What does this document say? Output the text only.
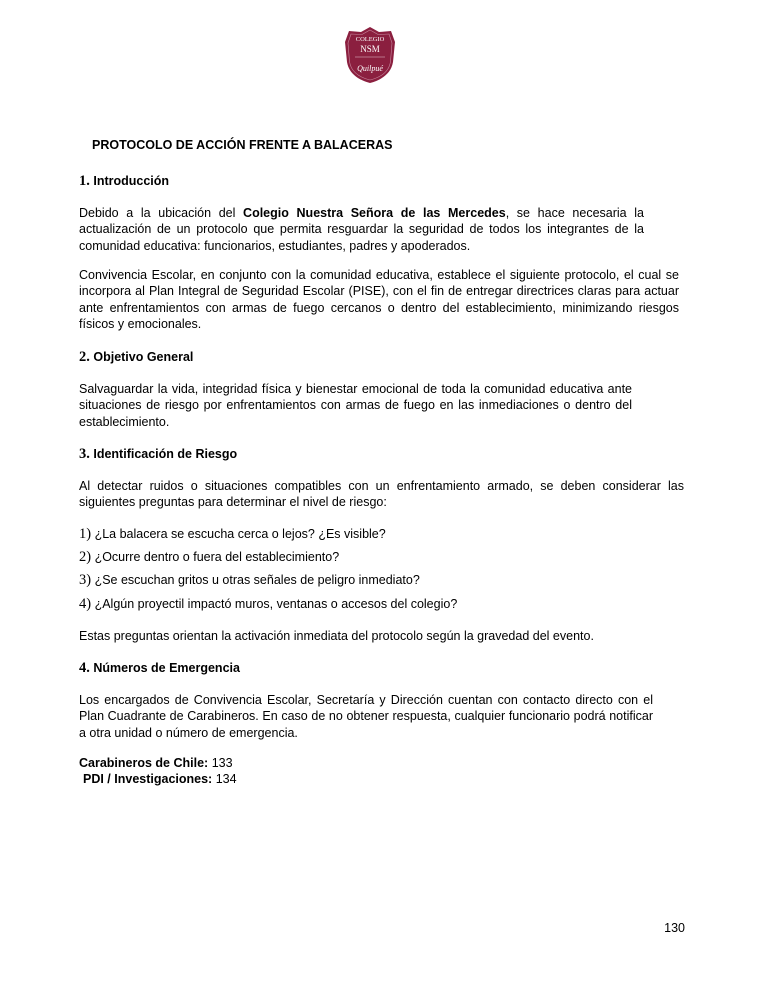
COLEGIO
NSM
Quilpué
PROTOCOLO DE ACCIÓN FRENTE A BALACERAS
1. Introducción
Debido a la ubicación del Colegio Nuestra Señora de las Mercedes, se hace necesaria la actualización de un protocolo que permita resguardar la seguridad de todos los integrantes de la comunidad educativa: funcionarios, estudiantes, padres y apoderados.
Convivencia Escolar, en conjunto con la comunidad educativa, establece el siguiente protocolo, el cual se incorpora al Plan Integral de Seguridad Escolar (PISE), con el fin de entregar directrices claras para actuar ante enfrentamientos con armas de fuego cercanos o dentro del establecimiento, minimizando riesgos físicos y emocionales.
2. Objetivo General
Salvaguardar la vida, integridad física y bienestar emocional de toda la comunidad educativa ante situaciones de riesgo por enfrentamientos con armas de fuego en las inmediaciones o dentro del establecimiento.
3. Identificación de Riesgo
Al detectar ruidos o situaciones compatibles con un enfrentamiento armado, se deben considerar las siguientes preguntas para determinar el nivel de riesgo:
1) ¿La balacera se escucha cerca o lejos? ¿Es visible?
2) ¿Ocurre dentro o fuera del establecimiento?
3) ¿Se escuchan gritos u otras señales de peligro inmediato?
4) ¿Algún proyectil impactó muros, ventanas o accesos del colegio?
Estas preguntas orientan la activación inmediata del protocolo según la gravedad del evento.
4. Números de Emergencia
Los encargados de Convivencia Escolar, Secretaría y Dirección cuentan con contacto directo con el Plan Cuadrante de Carabineros. En caso de no obtener respuesta, cualquier funcionario podrá notificar a otra unidad o número de emergencia.
Carabineros de Chile: 133
PDI / Investigaciones: 134
130
